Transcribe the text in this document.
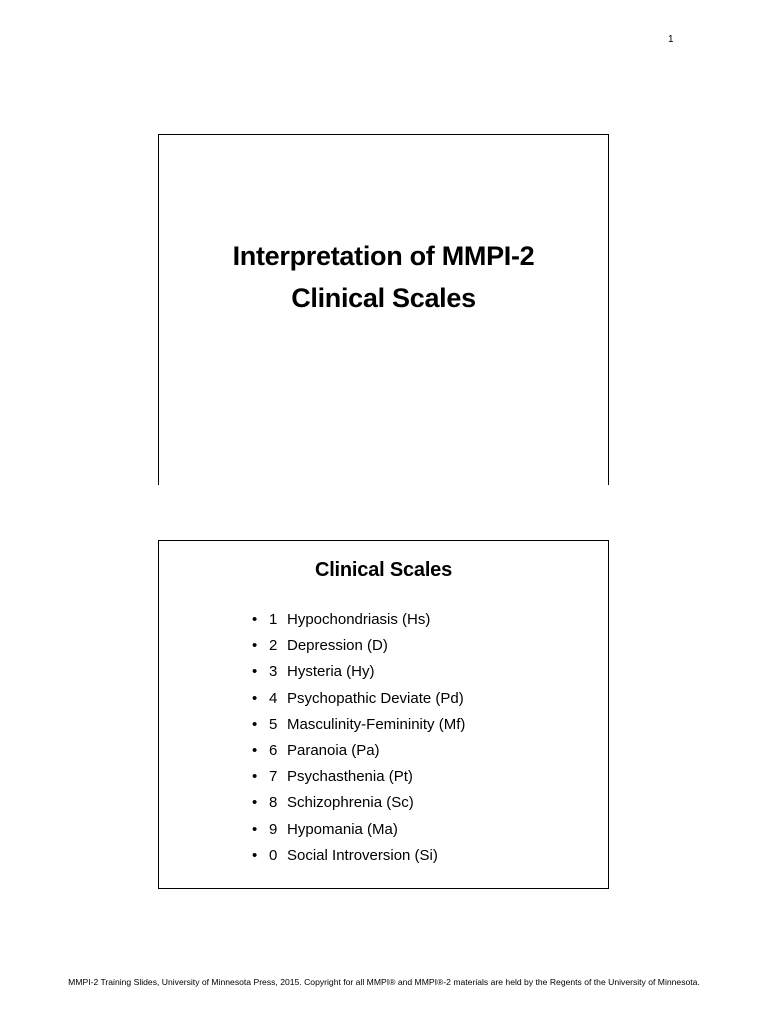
1
Interpretation of MMPI-2
Clinical Scales
Clinical Scales
• 1 Hypochondriasis (Hs)
• 2 Depression (D)
• 3 Hysteria (Hy)
• 4 Psychopathic Deviate (Pd)
• 5 Masculinity-Femininity (Mf)
• 6 Paranoia (Pa)
• 7 Psychasthenia (Pt)
• 8 Schizophrenia (Sc)
• 9 Hypomania (Ma)
• 0 Social Introversion (Si)
MMPI-2 Training Slides, University of Minnesota Press, 2015. Copyright for all MMPI® and MMPI®-2 materials are held by the Regents of the University of Minnesota.
